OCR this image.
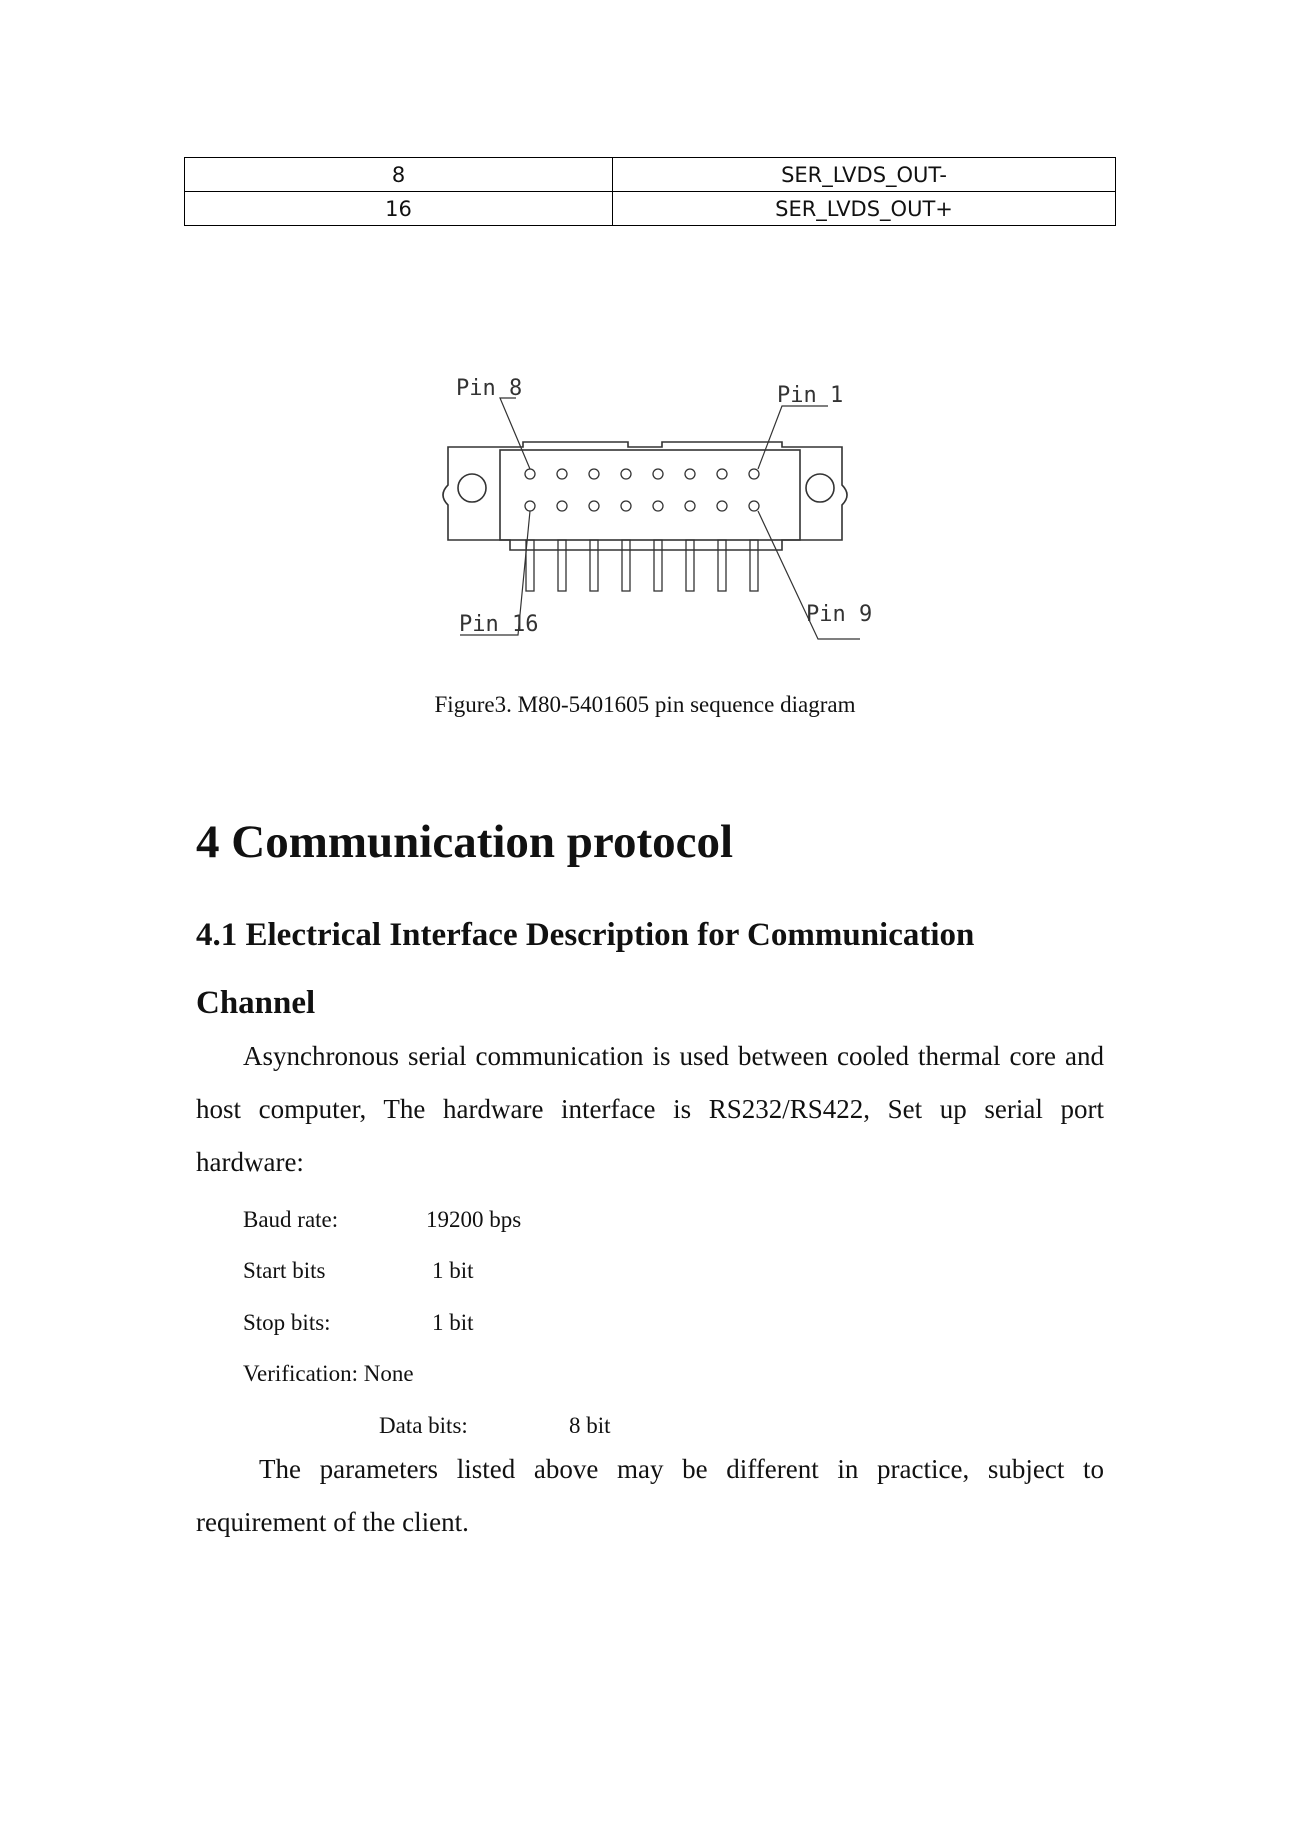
8	SER_LVDS_OUT-
16	SER_LVDS_OUT+
Pin 8	Pin 1
Pin 16	Pin 9
Figure3. M80-5401605 pin sequence diagram
4 Communication protocol
4.1 Electrical Interface Description for Communication
Channel

Asynchronous serial communication is used between cooled thermal core and host computer, The hardware interface is RS232/RS422, Set up serial port hardware:

Baud rate:	19200 bps
Start bits	1 bit
Stop bits:	1 bit
Verification: None
Data bits:	8 bit

The parameters listed above may be different in practice, subject to requirement of the client.
